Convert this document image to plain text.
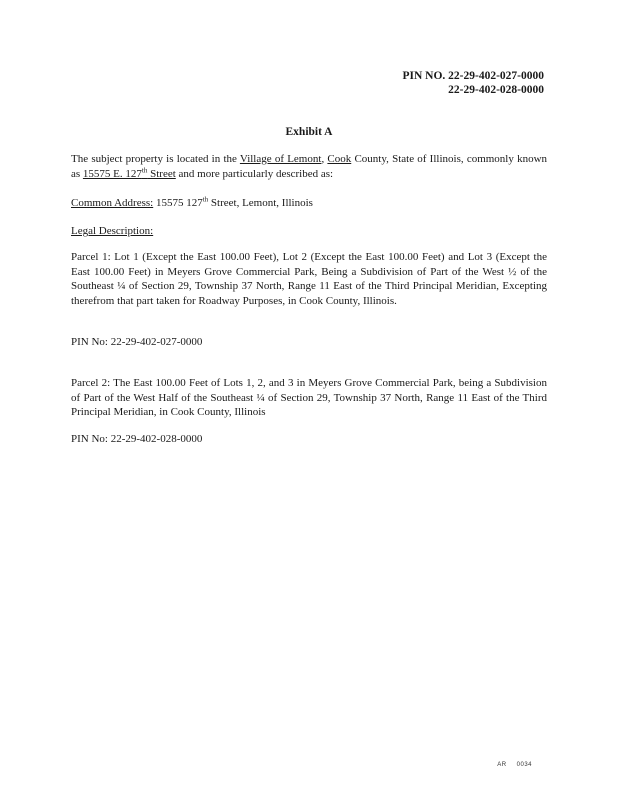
PIN NO. 22-29-402-027-0000
22-29-402-028-0000
Exhibit A
The subject property is located in the Village of Lemont, Cook County, State of Illinois, commonly known as 15575 E. 127th Street and more particularly described as:
Common Address: 15575 127th Street, Lemont, Illinois
Legal Description:
Parcel 1: Lot 1 (Except the East 100.00 Feet), Lot 2 (Except the East 100.00 Feet) and Lot 3 (Except the East 100.00 Feet) in Meyers Grove Commercial Park, Being a Subdivision of Part of the West ½ of the Southeast ¼ of Section 29, Township 37 North, Range 11 East of the Third Principal Meridian, Excepting therefrom that part taken for Roadway Purposes, in Cook County, Illinois.
PIN No: 22-29-402-027-0000
Parcel 2: The East 100.00 Feet of Lots 1, 2, and 3 in Meyers Grove Commercial Park, being a Subdivision of Part of the West Half of the Southeast ¼ of Section 29, Township 37 North, Range 11 East of the Third Principal Meridian, in Cook County, Illinois
PIN No: 22-29-402-028-0000
AR 0034
